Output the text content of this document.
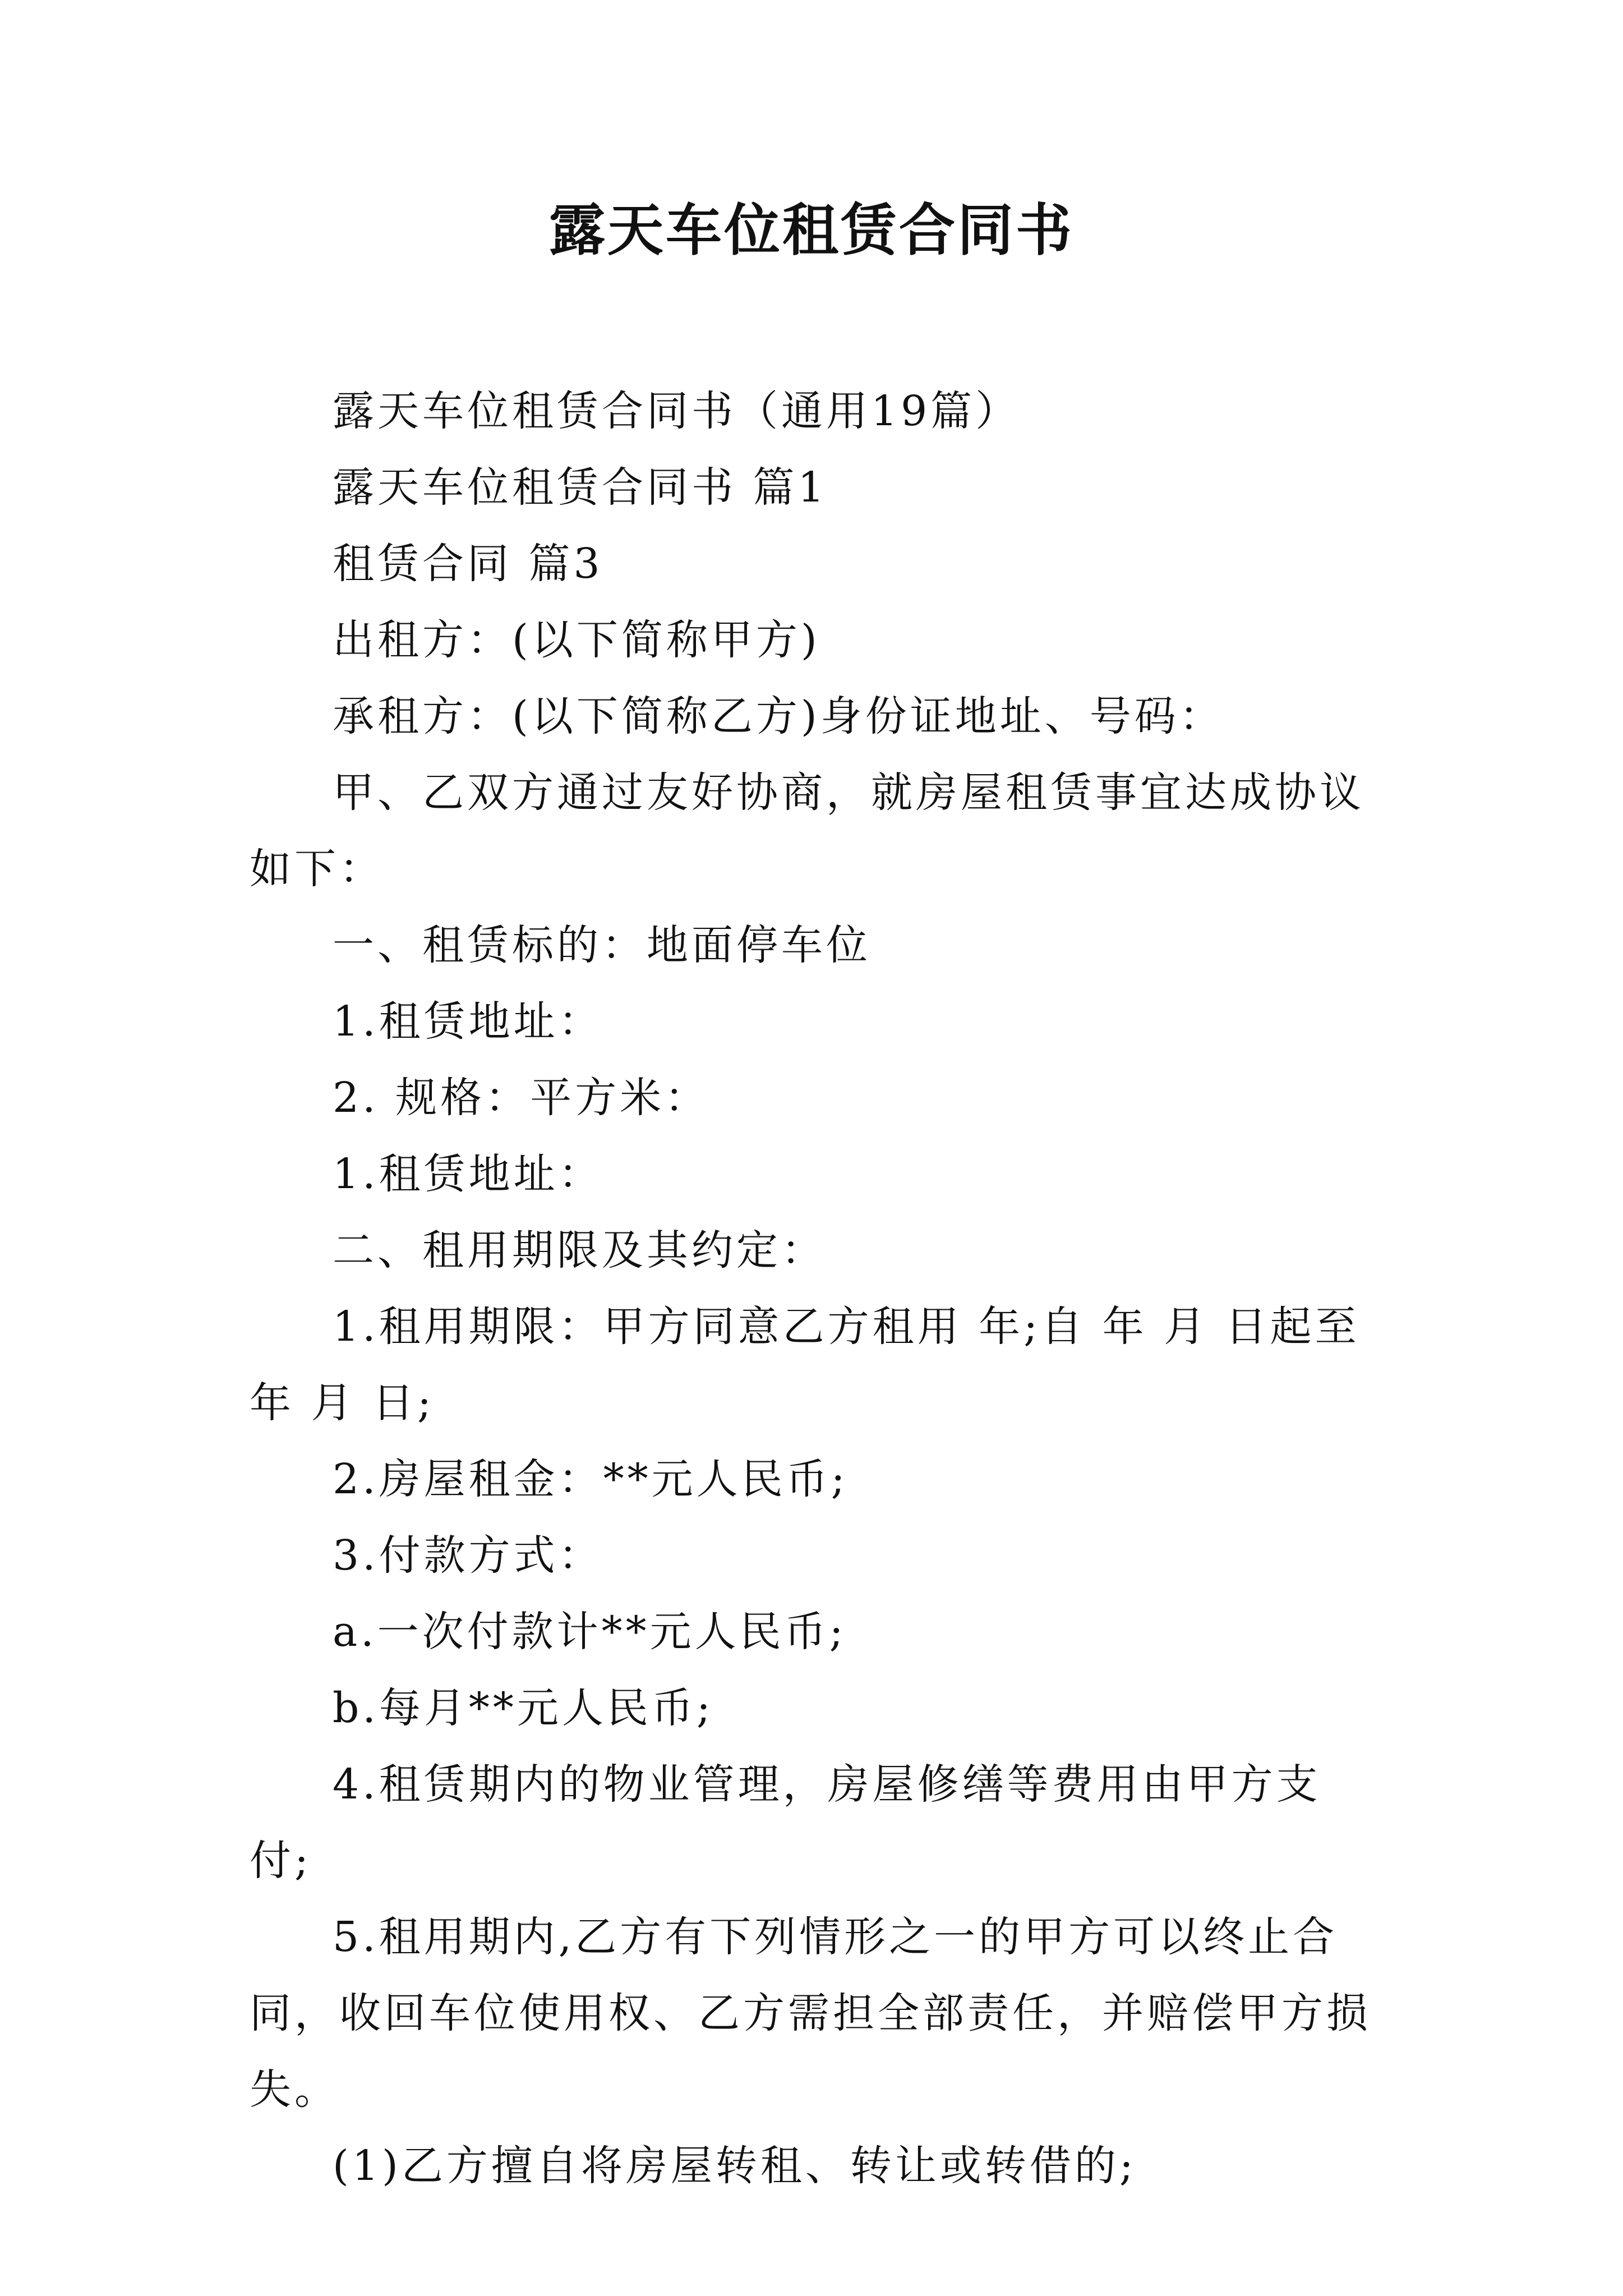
露天车位租赁合同书

露天车位租赁合同书（通用19篇）

露天车位租赁合同书 篇1

租赁合同 篇3

出租方：(以下简称甲方)

承租方：(以下简称乙方)身份证地址、号码：

甲、乙双方通过友好协商，就房屋租赁事宜达成协议如下：

一、租赁标的：地面停车位

1.租赁地址：

2. 规格：平方米：

1.租赁地址：

二、租用期限及其约定：

1.租用期限：甲方同意乙方租用 年;自 年 月 日起至 年 月 日;

2.房屋租金：**元人民币;

3.付款方式：

a.一次付款计**元人民币;

b.每月**元人民币;

4.租赁期内的物业管理，房屋修缮等费用由甲方支付;

5.租用期内,乙方有下列情形之一的甲方可以终止合同，收回车位使用权、乙方需担全部责任，并赔偿甲方损失。

(1)乙方擅自将房屋转租、转让或转借的;
